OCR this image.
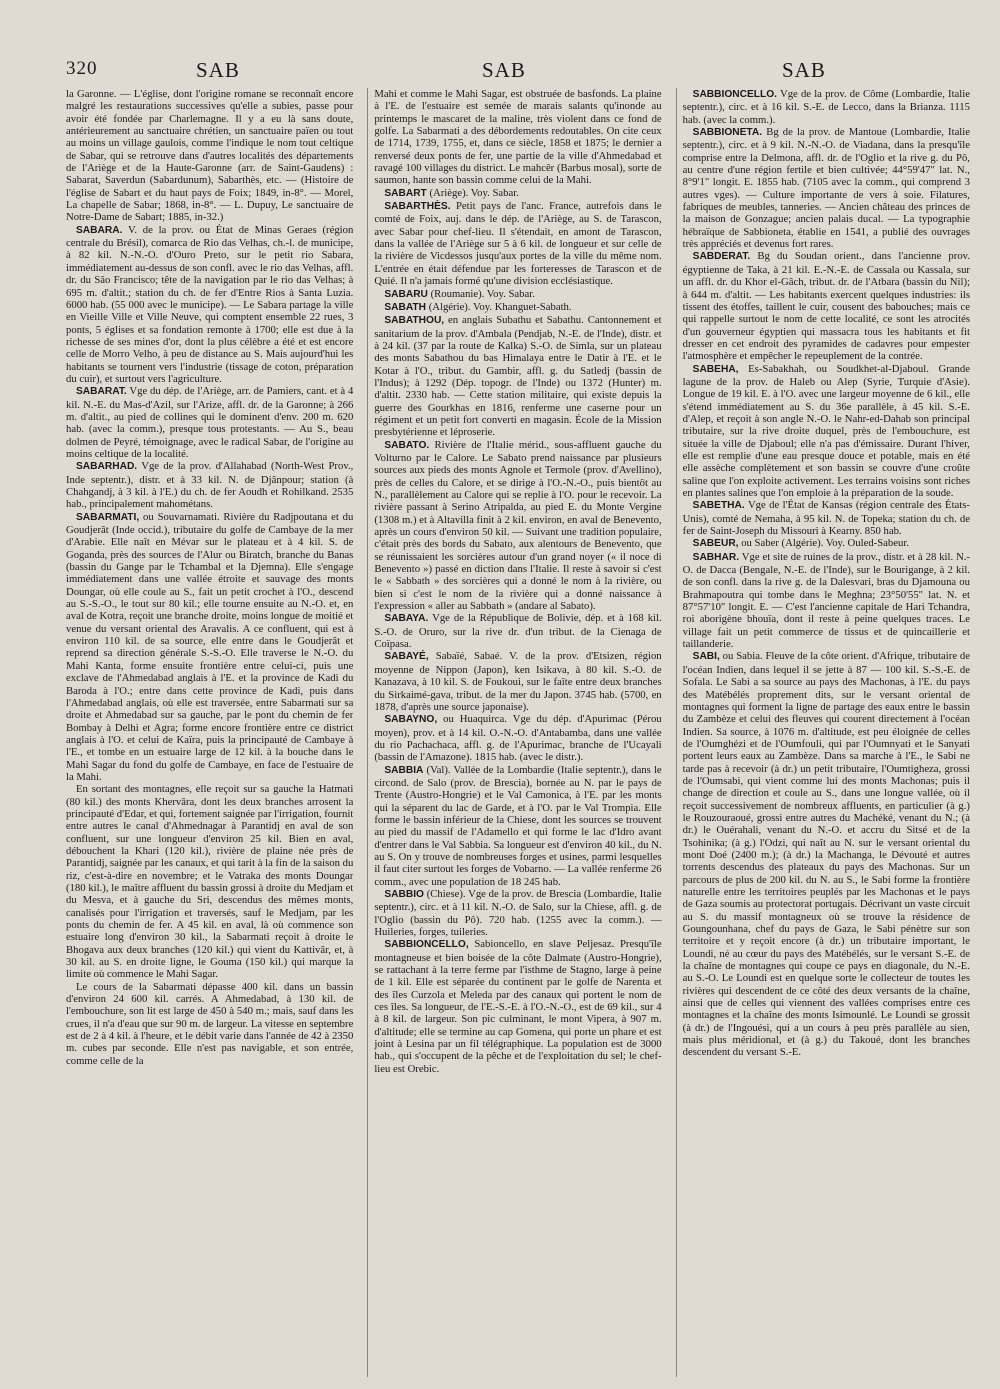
320	SAB	SAB	SAB

la Garonne. — L'église, dont l'origine romane se reconnaît encore malgré les restaurations successives qu'elle a subies, passe pour avoir été fondée par Charlemagne. Il y a eu là sans doute, antérieurement au sanctuaire chrétien, un sanctuaire païen ou tout au moins un village gaulois, comme l'indique le nom tout celtique de Sabar, qui se retrouve dans d'autres localités des départements de l'Ariège et de la Haute-Garonne (arr. de Saint-Gaudens) : Sabarat, Saverdun (Sabardunum), Sabarthès, etc. — (Histoire de l'église de Sabart et du haut pays de Foix; 1849, in-8°. — Morel, La chapelle de Sabar; 1868, in-8°. — L. Dupuy, Le sanctuaire de Notre-Dame de Sabart; 1885, in-32.)

SABARA. V. de la prov. ou État de Minas Geraes (région centrale du Brésil), comarca de Rio das Velhas, ch.-l. de municipe, à 82 kil. N.-N.-O. d'Ouro Preto, sur le petit rio Sabara, immédiatement au-dessus de son confl. avec le rio das Velhas, affl. dr. du São Francisco; tête de la navigation par le rio das Velhas; à 695 m. d'altit.; station du ch. de fer d'Entre Rios à Santa Luzia. 6000 hab. (55 000 avec le municipe). — Le Sabara partage la ville en Vieille Ville et Ville Neuve, qui comptent ensemble 22 rues, 3 ponts, 5 églises et sa fondation remonte à 1700; elle est due à la richesse de ses mines d'or, dont la plus célèbre a été et est encore celle de Morro Velho, à peu de distance au S. Mais aujourd'hui les habitants se tournent vers l'industrie (tissage de coton, préparation du cuir), et surtout vers l'agriculture.

SABARAT. Vge du dép. de l'Ariège, arr. de Pamiers, cant. et à 4 kil. N.-E. du Mas-d'Azil, sur l'Arize, affl. dr. de la Garonne; à 266 m. d'altit., au pied de collines qui le dominent d'env. 200 m. 620 hab. (avec la comm.), presque tous protestants. — Au S., beau dolmen de Peyré, témoignage, avec le radical Sabar, de l'origine au moins celtique de la localité.

SABARHAD. Vge de la prov. d'Allahabad (North-West Prov., Inde septentr.), distr. et à 33 kil. N. de Djânpour; station (à Chahgandj, à 3 kil. à l'E.) du ch. de fer Aoudh et Rohilkand. 2535 hab., principalement mahométans.

SABARMATI, ou Souvarnamati. Rivière du Radjpoutana et du Goudjerât (Inde occid.), tributaire du golfe de Cambaye de la mer d'Arabie. Elle naît en Mévar sur le plateau et à 4 kil. S. de Goganda, près des sources de l'Alur ou Biratch, branche du Banas (bassin du Gange par le Tchambal et la Djemna). Elle s'engage immédiatement dans une vallée étroite et sauvage des monts Doungar, où elle coule au S., fait un petit crochet à l'O., descend au S.-S.-O., le tout sur 80 kil.; elle tourne ensuite au N.-O. et, en aval de Kotra, reçoit une branche droite, moins longue de moitié et venue du versant oriental des Aravalis. A ce confluent, qui est à environ 110 kil. de sa source, elle entre dans le Goudjerât et reprend sa direction générale S.-S.-O. Elle traverse le N.-O. du Mahi Kanta, forme ensuite frontière entre celui-ci, puis une exclave de l'Ahmedabad anglais à l'E. et la province de Kadi du Baroda à l'O.; entre dans cette province de Kadi, puis dans l'Ahmedabad anglais, où elle est traversée, entre Sabarmati sur sa droite et Ahmedabad sur sa gauche, par le pont du chemin de fer Bombay à Delhi et Agra; forme encore frontière entre ce district anglais à l'O. et celui de Kaïra, puis la principauté de Cambaye à l'E., et tombe en un estuaire large de 12 kil. à la bouche dans le Mahi Sagar du fond du golfe de Cambaye, en face de l'estuaire de la Mahi.

En sortant des montagnes, elle reçoit sur sa gauche la Hatmati (80 kil.) des monts Khervâra, dont les deux branches arrosent la principauté d'Edar, et qui, fortement saignée par l'irrigation, fournit entre autres le canal d'Ahmednagar à Parantidj en aval de son confluent, sur une longueur d'environ 25 kil. Bien en aval, débouchent la Khari (120 kil.), rivière de plaine née près de Parantidj, saignée par les canaux, et qui tarit à la fin de la saison du riz, c'est-à-dire en novembre; et le Vatraka des monts Doungar (180 kil.), le maître affluent du bassin grossi à droite du Medjam et du Mesva, et à gauche du Sri, descendus des mêmes monts, canalisés pour l'irrigation et traversés, sauf le Medjam, par les ponts du chemin de fer. A 45 kil. en aval, là où commence son estuaire long d'environ 30 kil., la Sabarmati reçoit à droite le Bhogava aux deux branches (120 kil.) qui vient du Kattivâr, et, à 30 kil. au S. en droite ligne, le Gouma (150 kil.) qui marque la limite où commence le Mahi Sagar.

Le cours de la Sabarmati dépasse 400 kil. dans un bassin d'environ 24 600 kil. carrés. A Ahmedabad, à 130 kil. de l'embouchure, son lit est large de 450 à 540 m.; mais, sauf dans les crues, il n'a d'eau que sur 90 m. de largeur. La vitesse en septembre est de 2 à 4 kil. à l'heure, et le débit varie dans l'année de 42 à 2350 m. cubes par seconde. Elle n'est pas navigable, et son entrée, comme celle de la

Mahi et comme le Mahi Sagar, est obstruée de basfonds. La plaine à l'E. de l'estuaire est semée de marais salants qu'inonde au printemps le mascaret de la maline, très violent dans ce fond de golfe. La Sabarmati a des débordements redoutables. On cite ceux de 1714, 1739, 1755, et, dans ce siècle, 1858 et 1875; le dernier a renversé deux ponts de fer, une partie de la ville d'Ahmedabad et ravagé 100 villages du district. Le mahcêr (Barbus mosal), sorte de saumon, hante son bassin comme celui de la Mahi.

SABART (Ariège). Voy. Sabar.

SABARTHÈS. Petit pays de l'anc. France, autrefois dans le comté de Foix, auj. dans le dép. de l'Ariège, au S. de Tarascon, avec Sabar pour chef-lieu. Il s'étendait, en amont de Tarascon, dans la vallée de l'Ariège sur 5 à 6 kil. de longueur et sur celle de la rivière de Vicdessos jusqu'aux portes de la ville du même nom. L'entrée en était défendue par les forteresses de Tarascon et de Quié. Il n'a jamais formé qu'une division ecclésiastique.

SABARU (Roumanie). Voy. Sabar.

SABATH (Algérie). Voy. Khanguet-Sabath.

SABATHOU, en anglais Subathu et Sabathu. Cantonnement et sanitarium de la prov. d'Ambala (Pendjab, N.-E. de l'Inde), distr. et à 24 kil. (37 par la route de Kalka) S.-O. de Simla, sur un plateau des monts Sabathou du bas Himalaya entre le Datir à l'E. et le Kotar à l'O., tribut. du Gambir, affl. g. du Satledj (bassin de l'Indus); à 1292 (Dép. topogr. de l'Inde) ou 1372 (Hunter) m. d'altit. 2330 hab. — Cette station militaire, qui existe depuis la guerre des Gourkhas en 1816, renferme une caserne pour un régiment et un petit fort converti en magasin. École de la Mission presbytérienne et léproserie.

SABATO. Rivière de l'Italie mérid., sous-affluent gauche du Volturno par le Calore. Le Sabato prend naissance par plusieurs sources aux pieds des monts Agnole et Termole (prov. d'Avellino), près de celles du Calore, et se dirige à l'O.-N.-O., puis bientôt au N., parallèlement au Calore qui se replie à l'O. pour le recevoir. La rivière passant à Serino Atripalda, au pied E. du Monte Vergine (1308 m.) et à Altavilla finit à 2 kil. environ, en aval de Benevento, après un cours d'environ 50 kil. — Suivant une tradition populaire, c'était près des bords du Sabato, aux alentours de Benevento, que se réunissaient les sorcières autour d'un grand noyer (« il noce di Benevento ») passé en diction dans l'Italie. Il reste à savoir si c'est le « Sabbath » des sorcières qui a donné le nom à la rivière, ou bien si c'est le nom de la rivière qui a donné naissance à l'expression « aller au Sabbath » (andare al Sabato).

SABAYA. Vge de la République de Bolivie, dép. et à 168 kil. S.-O. de Oruro, sur la rive dr. d'un tribut. de la Cienaga de Coïpasa.

SABAYÉ, Sabaïé, Sabaé. V. de la prov. d'Etsizen, région moyenne de Nippon (Japon), ken Isikava, à 80 kil. S.-O. de Kanazava, à 10 kil. S. de Foukoui, sur le faîte entre deux branches du Sirkaimé-gava, tribut. de la mer du Japon. 3745 hab. (5700, en 1878, d'après une source japonaise).

SABAYNO, ou Huaquirca. Vge du dép. d'Apurimac (Pérou moyen), prov. et à 14 kil. O.-N.-O. d'Antabamba, dans une vallée du rio Pachachaca, affl. g. de l'Apurimac, branche de l'Ucayali (bassin de l'Amazone). 1815 hab. (avec le distr.).

SABBIA (Val). Vallée de la Lombardie (Italie septentr.), dans le circond. de Salo (prov. de Brescia), bornée au N. par le pays de Trente (Austro-Hongrie) et le Val Camonica, à l'E. par les monts qui la séparent du lac de Garde, et à l'O. par le Val Trompia. Elle forme le bassin inférieur de la Chiese, dont les sources se trouvent au pied du massif de l'Adamello et qui forme le lac d'Idro avant d'entrer dans le Val Sabbia. Sa longueur est d'environ 40 kil., du N. au S. On y trouve de nombreuses forges et usines, parmi lesquelles il faut citer surtout les forges de Vobarno. — La vallée renferme 26 comm., avec une population de 18 245 hab.

SABBIO (Chiese). Vge de la prov. de Brescia (Lombardie, Italie septentr.), circ. et à 11 kil. N.-O. de Salo, sur la Chiese, affl. g. de l'Oglio (bassin du Pô). 720 hab. (1255 avec la comm.). — Huileries, forges, tuileries.

SABBIONCELLO, Sabioncello, en slave Peljesaz. Presqu'île montagneuse et bien boisée de la côte Dalmate (Austro-Hongrie), se rattachant à la terre ferme par l'isthme de Stagno, large à peine de 1 kil. Elle est séparée du continent par le golfe de Narenta et des îles Curzola et Meleda par des canaux qui portent le nom de ces îles. Sa longueur, de l'E.-S.-E. à l'O.-N.-O., est de 69 kil., sur 4 à 8 kil. de largeur. Son pic culminant, le mont Vipera, à 907 m. d'altitude; elle se termine au cap Gomena, qui porte un phare et est joint à Lesina par un fil télégraphique. La population est de 3000 hab., qui s'occupent de la pêche et de l'exploitation du sel; le chef-lieu est Orebic.

SABBIONCELLO. Vge de la prov. de Côme (Lombardie, Italie septentr.), circ. et à 16 kil. S.-E. de Lecco, dans la Brianza. 1115 hab. (avec la comm.).

SABBIONETA. Bg de la prov. de Mantoue (Lombardie, Italie septentr.), circ. et à 9 kil. N.-N.-O. de Viadana, dans la presqu'île comprise entre la Delmona, affl. dr. de l'Oglio et la rive g. du Pô, au centre d'une région fertile et bien cultivée; 44°59'47" lat. N., 8°9'1" longit. E. 1855 hab. (7105 avec la comm., qui comprend 3 autres vges). — Culture importante de vers à soie. Filatures, fabriques de meubles, tanneries. — Ancien château des princes de la maison de Gonzague; ancien palais ducal. — La typographie hébraïque de Sabbioneta, établie en 1541, a publié des ouvrages très appréciés et devenus fort rares.

SABDERAT. Bg du Soudan orient., dans l'ancienne prov. égyptienne de Taka, à 21 kil. E.-N.-E. de Cassala ou Kassala, sur un affl. dr. du Khor el-Gâch, tribut. dr. de l'Atbara (bassin du Nil); à 644 m. d'altit. — Les habitants exercent quelques industries: ils tissent des étoffes, taillent le cuir, cousent des babouches; mais ce qui rappelle surtout le nom de cette localité, ce sont les atrocités d'un gouverneur égyptien qui massacra tous les habitants et fit dresser en cet endroit des pyramides de cadavres pour empester l'atmosphère et empêcher le repeuplement de la contrée.

SABEHA, Es-Sabakhah, ou Soudkhet-al-Djaboul. Grande lagune de la prov. de Haleb ou Alep (Syrie, Turquie d'Asie). Longue de 19 kil. E. à l'O. avec une largeur moyenne de 6 kil., elle s'étend immédiatement au S. du 36e parallèle, à 45 kil. S.-E. d'Alep, et reçoit à son angle N.-O. le Nahr-ed-Dahab son principal tributaire, sur la rive droite duquel, près de l'embouchure, est située la ville de Djaboul; elle n'a pas d'émissaire. Durant l'hiver, elle est remplie d'une eau presque douce et potable, mais en été elle assèche complètement et son bassin se couvre d'une croûte saline que l'on exploite activement. Les terrains voisins sont riches en plantes salines que l'on emploie à la préparation de la soude.

SABETHA. Vge de l'État de Kansas (région centrale des États-Unis), comté de Nemaha, à 95 kil. N. de Topeka; station du ch. de fer de Saint-Joseph du Missouri à Kearny. 850 hab.

SABEUR, ou Saber (Algérie). Voy. Ouled-Sabeur.

SABHAR. Vge et site de ruines de la prov., distr. et à 28 kil. N.-O. de Dacca (Bengale, N.-E. de l'Inde), sur le Bourigange, à 2 kil. de son confl. dans la rive g. de la Dalesvari, bras du Djamouna ou Brahmapoutra qui tombe dans le Meghna; 23°50'55" lat. N. et 87°57'10" longit. E. — C'est l'ancienne capitale de Hari Tchandra, roi aborigène bhouïa, dont il reste à peine quelques traces. Le village fait un petit commerce de tissus et de quincaillerie et taillanderie.

SABI, ou Sabia. Fleuve de la côte orient. d'Afrique, tributaire de l'océan Indien, dans lequel il se jette à 87 — 100 kil. S.-S.-E. de Sofala. Le Sabi a sa source au pays des Machonas, à l'E. du pays des Matébélés proprement dits, sur le versant oriental de montagnes qui forment la ligne de partage des eaux entre le bassin du Zambèze et celui des fleuves qui courent directement à l'océan Indien. Sa source, à 1076 m. d'altitude, est peu éloignée de celles de l'Oumghézi et de l'Oumfouli, qui par l'Oumnyati et le Sanyati portent leurs eaux au Zambèze. Dans sa marche à l'E., le Sabi ne tarde pas à recevoir (à dr.) un petit tributaire, l'Oumtigheza, grossi de l'Oumsabi, qui vient comme lui des monts Machonas; puis il change de direction et coule au S., dans une longue vallée, où il reçoit successivement de nombreux affluents, en particulier (à g.) le Rouzouraoué, grossi entre autres du Machéké, venant du N.; (à dr.) le Ouérahali, venant du N.-O. et accru du Sitsé et de la Tsohinika; (à g.) l'Odzi, qui naît au N. sur le versant oriental du mont Doé (2400 m.); (à dr.) la Machanga, le Dévouté et autres torrents descendus des plateaux du pays des Machonas. Sur un parcours de plus de 200 kil. du N. au S., le Sabi forme la frontière naturelle entre les territoires peuplés par les Machonas et le pays de Gaza soumis au protectorat portugais. Décrivant un vaste circuit au S. du massif montagneux où se trouve la résidence de Goungounhana, chef du pays de Gaza, le Sabi pénètre sur son territoire et y reçoit encore (à dr.) un tributaire important, le Loundi, né au cœur du pays des Matébélés, sur le versant S.-E. de la chaîne de montagnes qui coupe ce pays en diagonale, du N.-E. au S.-O. Le Loundi est en quelque sorte le collecteur de toutes les rivières qui descendent de ce côté des deux versants de la chaîne, ainsi que de celles qui viennent des vallées comprises entre ces montagnes et la chaîne des monts Isimounlé. Le Loundi se grossit (à dr.) de l'Ingouési, qui a un cours à peu près parallèle au sien, mais plus méridional, et (à g.) du Takoué, dont les branches descendent du versant S.-E.
